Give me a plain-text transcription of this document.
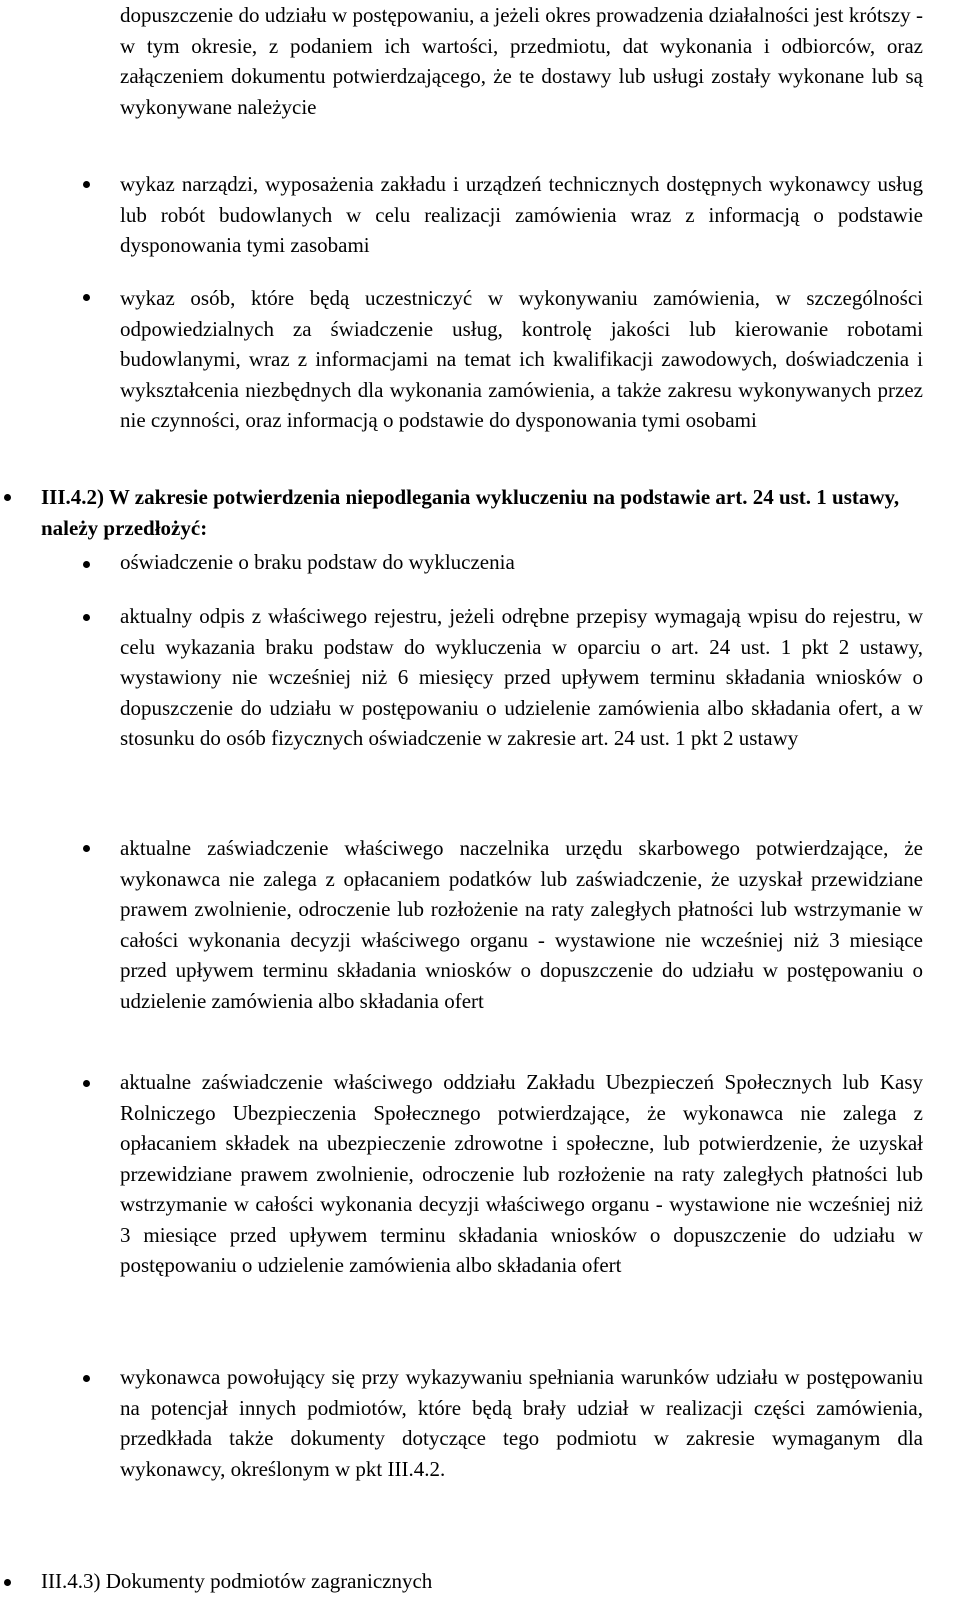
dopuszczenie do udziału w postępowaniu, a jeżeli okres prowadzenia działalności jest krótszy - w tym okresie, z podaniem ich wartości, przedmiotu, dat wykonania i odbiorców, oraz załączeniem dokumentu potwierdzającego, że te dostawy lub usługi zostały wykonane lub są wykonywane należycie

wykaz narządzi, wyposażenia zakładu i urządzeń technicznych dostępnych wykonawcy usług lub robót budowlanych w celu realizacji zamówienia wraz z informacją o podstawie dysponowania tymi zasobami

wykaz osób, które będą uczestniczyć w wykonywaniu zamówienia, w szczególności odpowiedzialnych za świadczenie usług, kontrolę jakości lub kierowanie robotami budowlanymi, wraz z informacjami na temat ich kwalifikacji zawodowych, doświadczenia i wykształcenia niezbędnych dla wykonania zamówienia, a także zakresu wykonywanych przez nie czynności, oraz informacją o podstawie do dysponowania tymi osobami

III.4.2) W zakresie potwierdzenia niepodlegania wykluczeniu na podstawie art. 24 ust. 1 ustawy, należy przedłożyć:

oświadczenie o braku podstaw do wykluczenia

aktualny odpis z właściwego rejestru, jeżeli odrębne przepisy wymagają wpisu do rejestru, w celu wykazania braku podstaw do wykluczenia w oparciu o art. 24 ust. 1 pkt 2 ustawy, wystawiony nie wcześniej niż 6 miesięcy przed upływem terminu składania wniosków o dopuszczenie do udziału w postępowaniu o udzielenie zamówienia albo składania ofert, a w stosunku do osób fizycznych oświadczenie w zakresie art. 24 ust. 1 pkt 2 ustawy

aktualne zaświadczenie właściwego naczelnika urzędu skarbowego potwierdzające, że wykonawca nie zalega z opłacaniem podatków lub zaświadczenie, że uzyskał przewidziane prawem zwolnienie, odroczenie lub rozłożenie na raty zaległych płatności lub wstrzymanie w całości wykonania decyzji właściwego organu - wystawione nie wcześniej niż 3 miesiące przed upływem terminu składania wniosków o dopuszczenie do udziału w postępowaniu o udzielenie zamówienia albo składania ofert

aktualne zaświadczenie właściwego oddziału Zakładu Ubezpieczeń Społecznych lub Kasy Rolniczego Ubezpieczenia Społecznego potwierdzające, że wykonawca nie zalega z opłacaniem składek na ubezpieczenie zdrowotne i społeczne, lub potwierdzenie, że uzyskał przewidziane prawem zwolnienie, odroczenie lub rozłożenie na raty zaległych płatności lub wstrzymanie w całości wykonania decyzji właściwego organu - wystawione nie wcześniej niż 3 miesiące przed upływem terminu składania wniosków o dopuszczenie do udziału w postępowaniu o udzielenie zamówienia albo składania ofert

wykonawca powołujący się przy wykazywaniu spełniania warunków udziału w postępowaniu na potencjał innych podmiotów, które będą brały udział w realizacji części zamówienia, przedkłada także dokumenty dotyczące tego podmiotu w zakresie wymaganym dla wykonawcy, określonym w pkt III.4.2.

III.4.3) Dokumenty podmiotów zagranicznych
